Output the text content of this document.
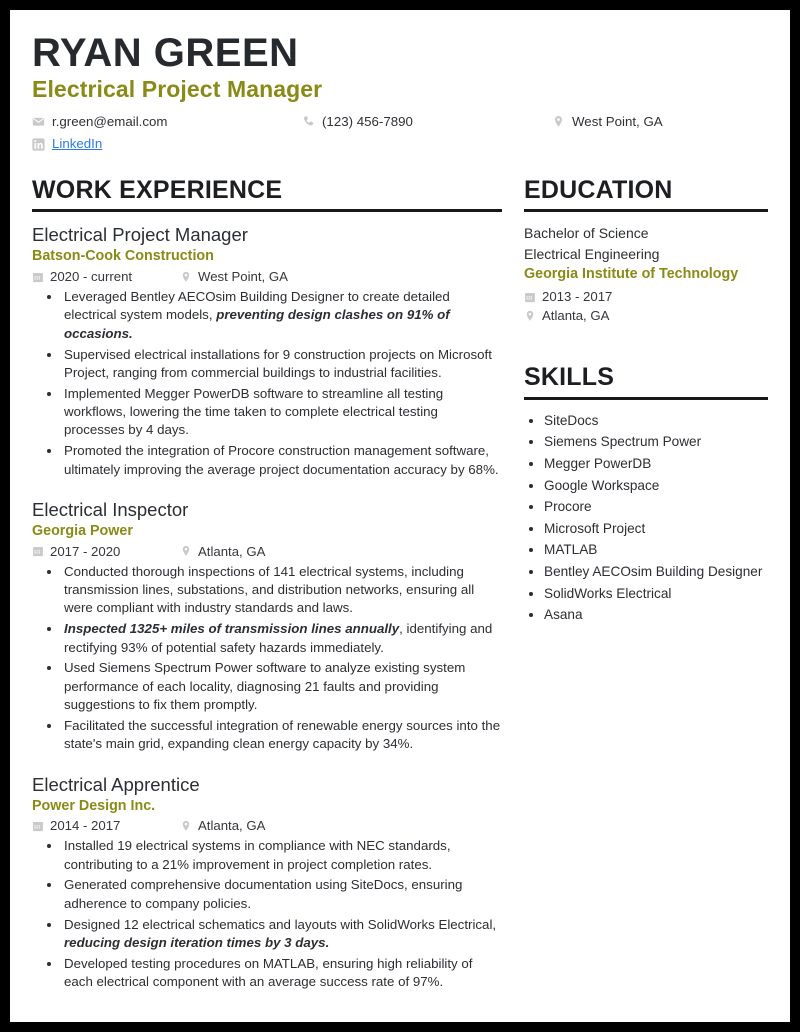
RYAN GREEN
Electrical Project Manager
r.green@email.com	(123) 456-7890	West Point, GA
LinkedIn
WORK EXPERIENCE
Electrical Project Manager
Batson-Cook Construction
2020 - current	West Point, GA
• Leveraged Bentley AECOsim Building Designer to create detailed electrical system models, preventing design clashes on 91% of occasions.
• Supervised electrical installations for 9 construction projects on Microsoft Project, ranging from commercial buildings to industrial facilities.
• Implemented Megger PowerDB software to streamline all testing workflows, lowering the time taken to complete electrical testing processes by 4 days.
• Promoted the integration of Procore construction management software, ultimately improving the average project documentation accuracy by 68%.
Electrical Inspector
Georgia Power
2017 - 2020	Atlanta, GA
• Conducted thorough inspections of 141 electrical systems, including transmission lines, substations, and distribution networks, ensuring all were compliant with industry standards and laws.
• Inspected 1325+ miles of transmission lines annually, identifying and rectifying 93% of potential safety hazards immediately.
• Used Siemens Spectrum Power software to analyze existing system performance of each locality, diagnosing 21 faults and providing suggestions to fix them promptly.
• Facilitated the successful integration of renewable energy sources into the state's main grid, expanding clean energy capacity by 34%.
Electrical Apprentice
Power Design Inc.
2014 - 2017	Atlanta, GA
• Installed 19 electrical systems in compliance with NEC standards, contributing to a 21% improvement in project completion rates.
• Generated comprehensive documentation using SiteDocs, ensuring adherence to company policies.
• Designed 12 electrical schematics and layouts with SolidWorks Electrical, reducing design iteration times by 3 days.
• Developed testing procedures on MATLAB, ensuring high reliability of each electrical component with an average success rate of 97%.
EDUCATION
Bachelor of Science
Electrical Engineering
Georgia Institute of Technology
2013 - 2017
Atlanta, GA
SKILLS
• SiteDocs
• Siemens Spectrum Power
• Megger PowerDB
• Google Workspace
• Procore
• Microsoft Project
• MATLAB
• Bentley AECOsim Building Designer
• SolidWorks Electrical
• Asana
